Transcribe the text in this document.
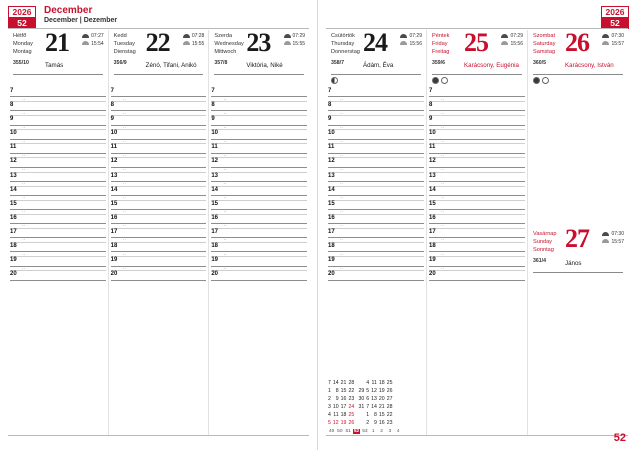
2026
52
December
December | Dezember
Hétfő
Monday
Montag 21	07:27
15:54
355/10	Tamás
7
··
8
··
9
··
10
··
11
··
12
··
13
··
14
··
15
··
16
··
17
··
18
··
19
··
20
Kedd
Tuesday
Dienstag 22	07:28
15:55
356/9	Zénó, Tifani, Anikó
7
··
8
··
9
··
10
··
11
··
12
··
13
··
14
··
15
··
16
··
17
··
18
··
19
··
20
Szerda
Wednesday
Mittwoch 23	07:29
15:55
357/8	Viktória, Niké
7
··
8
··
9
··
10
··
11
··
12
··
13
··
14
··
15
··
16
··
17
··
18
··
19
··
20
2026
52
Csütörtök
Thursday
Donnerstag 24	07:29
15:56
358/7	Ádám, Éva
7
··
8
··
9
··
10
··
11
··
12
··
13
··
14
··
15
··
16
··
17
··
18
··
19
··
20
Péntek
Friday
Freitag 25	07:29
15:56
359/6	Karácsony, Eugénia
7
··
8
··
9
··
10
··
11
··
12
··
13
··
14
··
15
··
16
··
17
··
18
··
19
··
20
Szombat
Saturday
Samstag 26	07:30
15:57
360/5	Karácsony, István
Vasárnap
Sunday
Sonntag 27	07:30
15:57
361/4	János
7	14	21	28		4	11	18	25
1	8	15	22	29	5	12	19	26
2	9	16	23	30	6	13	20	27
3	10	17	24	31	7	14	21	28
4	11	18	25		1	8	15	22
5	12	19	26		2	9	16	23
49 50 51 52 53 1 2 3 4
52
